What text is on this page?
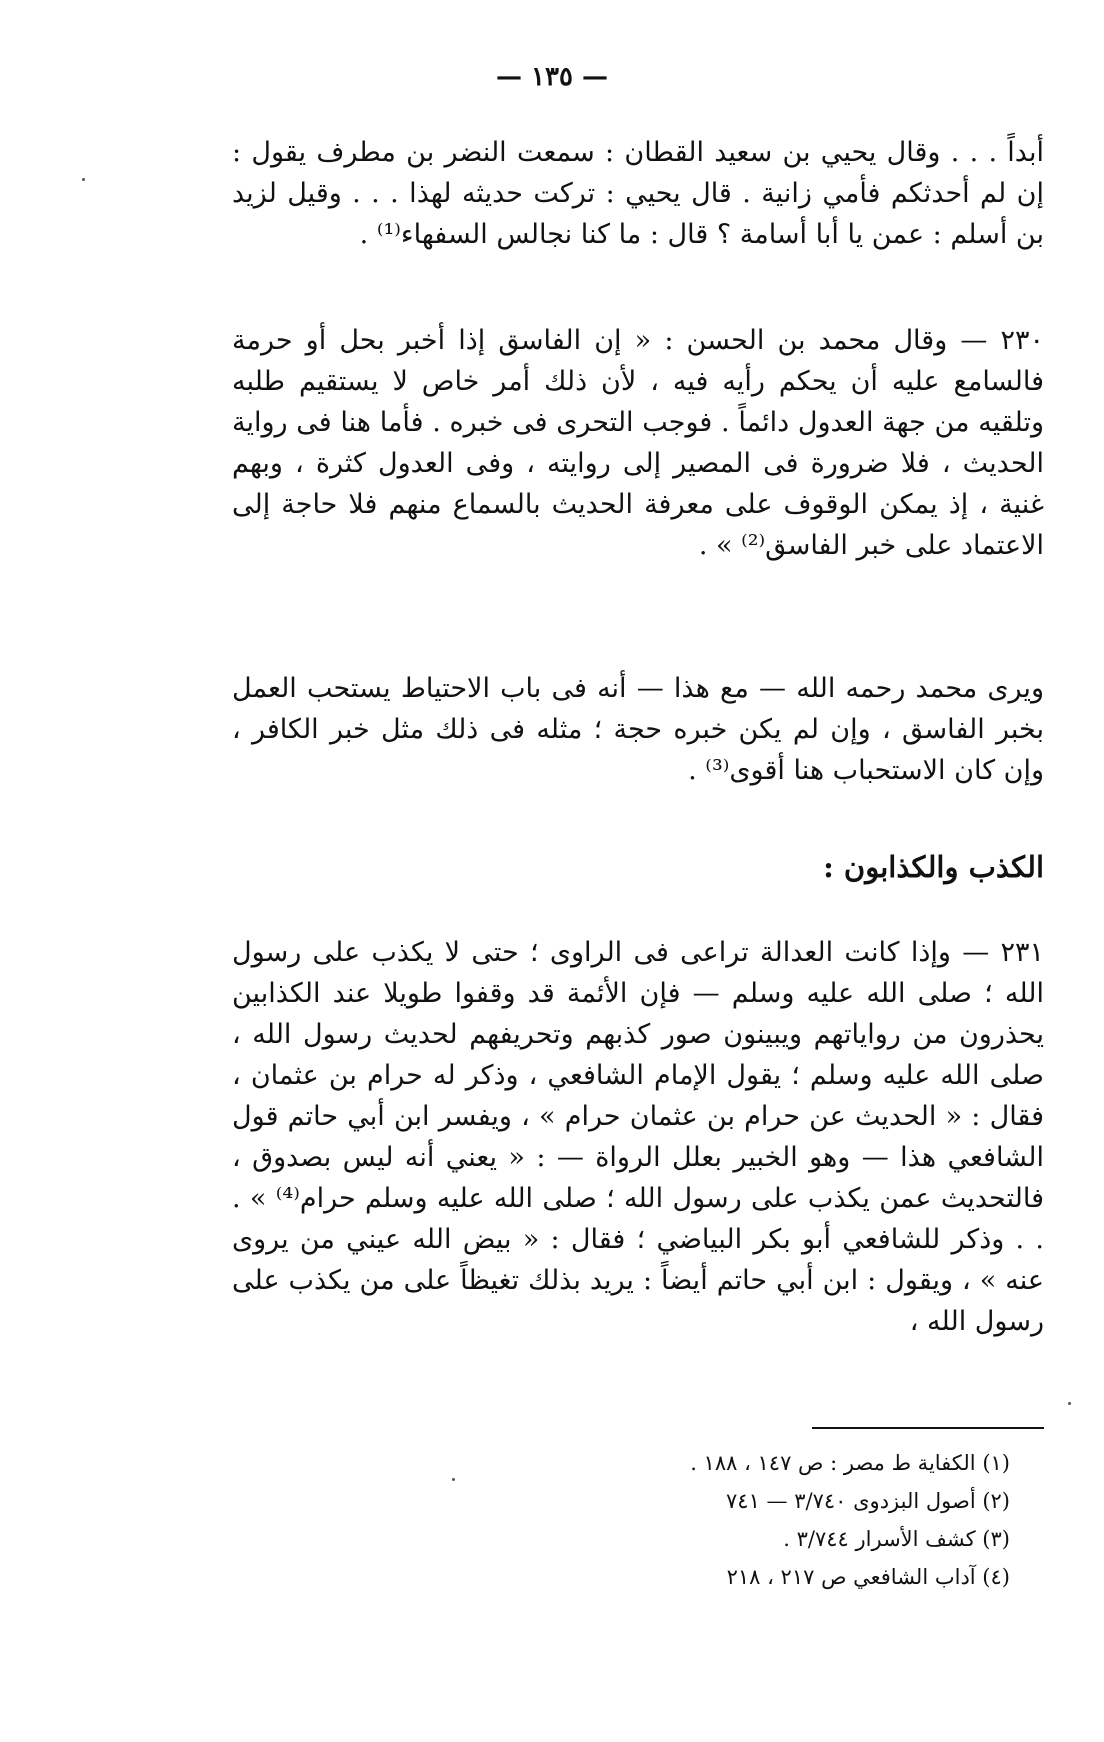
— ١٣٥ —
أبداً . . . وقال يحيي بن سعيد القطان : سمعت النضر بن مطرف يقول : إن لم أحدثكم فأمي زانية . قال يحيي : تركت حديثه لهذا . . . وقيل لزيد بن أسلم : عمن يا أبا أسامة ؟ قال : ما كنا نجالس السفهاء⁽¹⁾ .
٢٣٠ — وقال محمد بن الحسن : « إن الفاسق إذا أخبر بحل أو حرمة فالسامع عليه أن يحكم رأيه فيه ، لأن ذلك أمر خاص لا يستقيم طلبه وتلقيه من جهة العدول دائماً . فوجب التحرى فى خبره . فأما هنا فى رواية الحديث ، فلا ضرورة فى المصير إلى روايته ، وفى العدول كثرة ، وبهم غنية ، إذ يمكن الوقوف على معرفة الحديث بالسماع منهم فلا حاجة إلى الاعتماد على خبر الفاسق⁽²⁾ » .
ويرى محمد رحمه الله — مع هذا — أنه فى باب الاحتياط يستحب العمل بخبر الفاسق ، وإن لم يكن خبره حجة ؛ مثله فى ذلك مثل خبر الكافر ، وإن كان الاستحباب هنا أقوى⁽³⁾ .
الكذب والكذابون :
٢٣١ — وإذا كانت العدالة تراعى فى الراوى ؛ حتى لا يكذب على رسول الله ؛ صلى الله عليه وسلم — فإن الأئمة قد وقفوا طويلا عند الكذابين يحذرون من رواياتهم ويبينون صور كذبهم وتحريفهم لحديث رسول الله ، صلى الله عليه وسلم ؛ يقول الإمام الشافعي ، وذكر له حرام بن عثمان ، فقال : « الحديث عن حرام بن عثمان حرام » ، ويفسر ابن أبي حاتم قول الشافعي هذا — وهو الخبير بعلل الرواة — : « يعني أنه ليس بصدوق ، فالتحديث عمن يكذب على رسول الله ؛ صلى الله عليه وسلم حرام⁽⁴⁾ » . . . وذكر للشافعي أبو بكر البياضي ؛ فقال : « بيض الله عيني من يروى عنه » ، ويقول : ابن أبي حاتم أيضاً : يريد بذلك تغيظاً على من يكذب على رسول الله ،
(١) الكفاية ط مصر : ص ١٤٧ ، ١٨٨ .
(٢) أصول البزدوى ٣/٧٤٠ — ٧٤١
(٣) كشف الأسرار ٣/٧٤٤ .
(٤) آداب الشافعي ص ٢١٧ ، ٢١٨
